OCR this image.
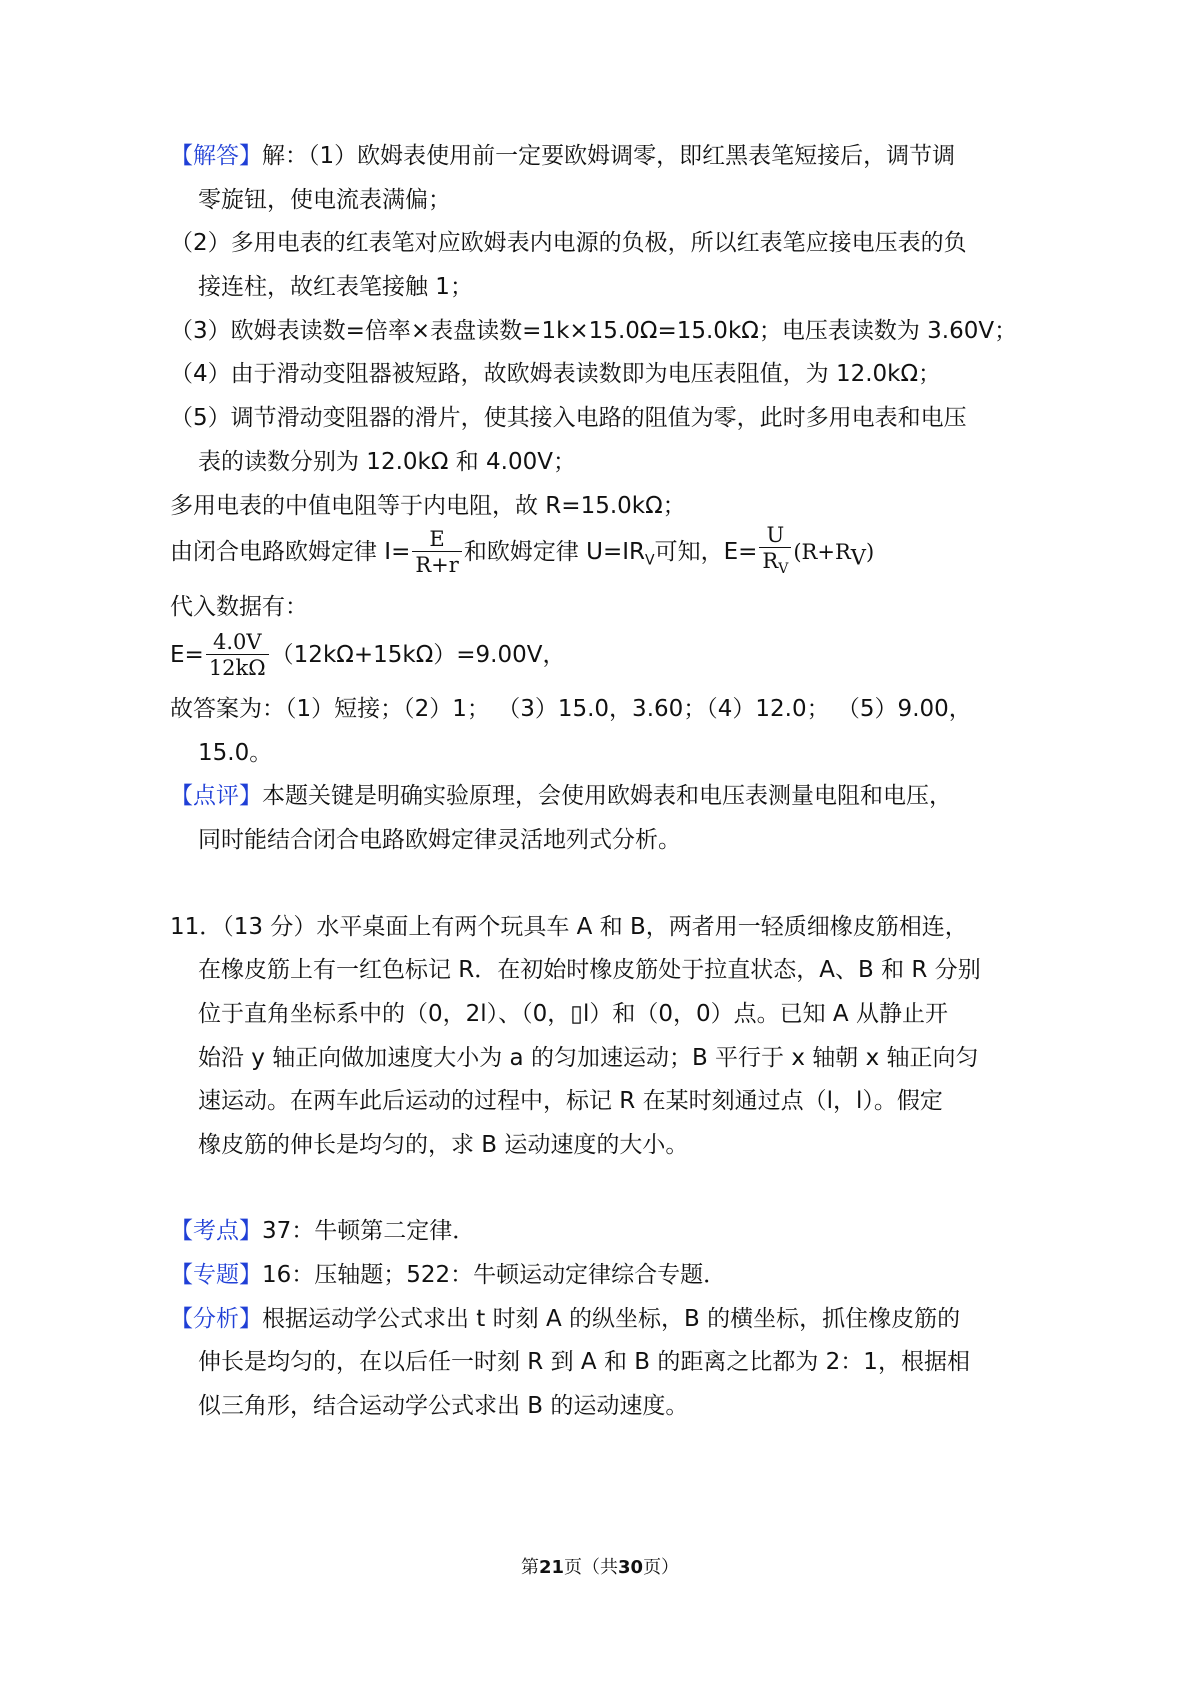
【解答】解：（1）欧姆表使用前一定要欧姆调零，即红黑表笔短接后，调节调
零旋钮，使电流表满偏；
（2）多用电表的红表笔对应欧姆表内电源的负极，所以红表笔应接电压表的负
接连柱，故红表笔接触 1；
（3）欧姆表读数=倍率×表盘读数=1k×15.0Ω=15.0kΩ；电压表读数为 3.60V；
（4）由于滑动变阻器被短路，故欧姆表读数即为电压表阻值，为 12.0kΩ；
（5）调节滑动变阻器的滑片，使其接入电路的阻值为零，此时多用电表和电压
表的读数分别为 12.0kΩ 和 4.00V；
多用电表的中值电阻等于内电阻，故 R=15.0kΩ；
由闭合电路欧姆定律 $I= \frac{E}{R+r}$ 和欧姆定律 $U=IR_V$可知，$E= \frac{U}{R_V} (R+R_V)$
代入数据有：
$E= \frac{4.0V}{12k\Omega} (12k\Omega+15k\Omega)=9.00V$，
故答案为：（1）短接；（2）1； （3）15.0，3.60；（4）12.0； （5）9.00，
15.0。
【点评】本题关键是明确实验原理，会使用欧姆表和电压表测量电阻和电压，
同时能结合闭合电路欧姆定律灵活地列式分析。
11．（13 分）水平桌面上有两个玩具车 A 和 B，两者用一轻质细橡皮筋相连，
在橡皮筋上有一红色标记 R．在初始时橡皮筋处于拉直状态，A、B 和 R 分别
位于直角坐标系中的（0，2l）、（0，▯l）和（0，0）点。已知 A 从静止开
始沿 y 轴正向做加速度大小为 a 的匀加速运动；B 平行于 x 轴朝 x 轴正向匀
速运动。在两车此后运动的过程中，标记 R 在某时刻通过点（l，l）。假定
橡皮筋的伸长是均匀的，求 B 运动速度的大小。
【考点】37：牛顿第二定律．
【专题】16：压轴题；522：牛顿运动定律综合专题．
【分析】根据运动学公式求出 t 时刻 A 的纵坐标，B 的横坐标，抓住橡皮筋的
伸长是均匀的，在以后任一时刻 R 到 A 和 B 的距离之比都为 2：1，根据相
似三角形，结合运动学公式求出 B 的运动速度。
第21页（共30页）
